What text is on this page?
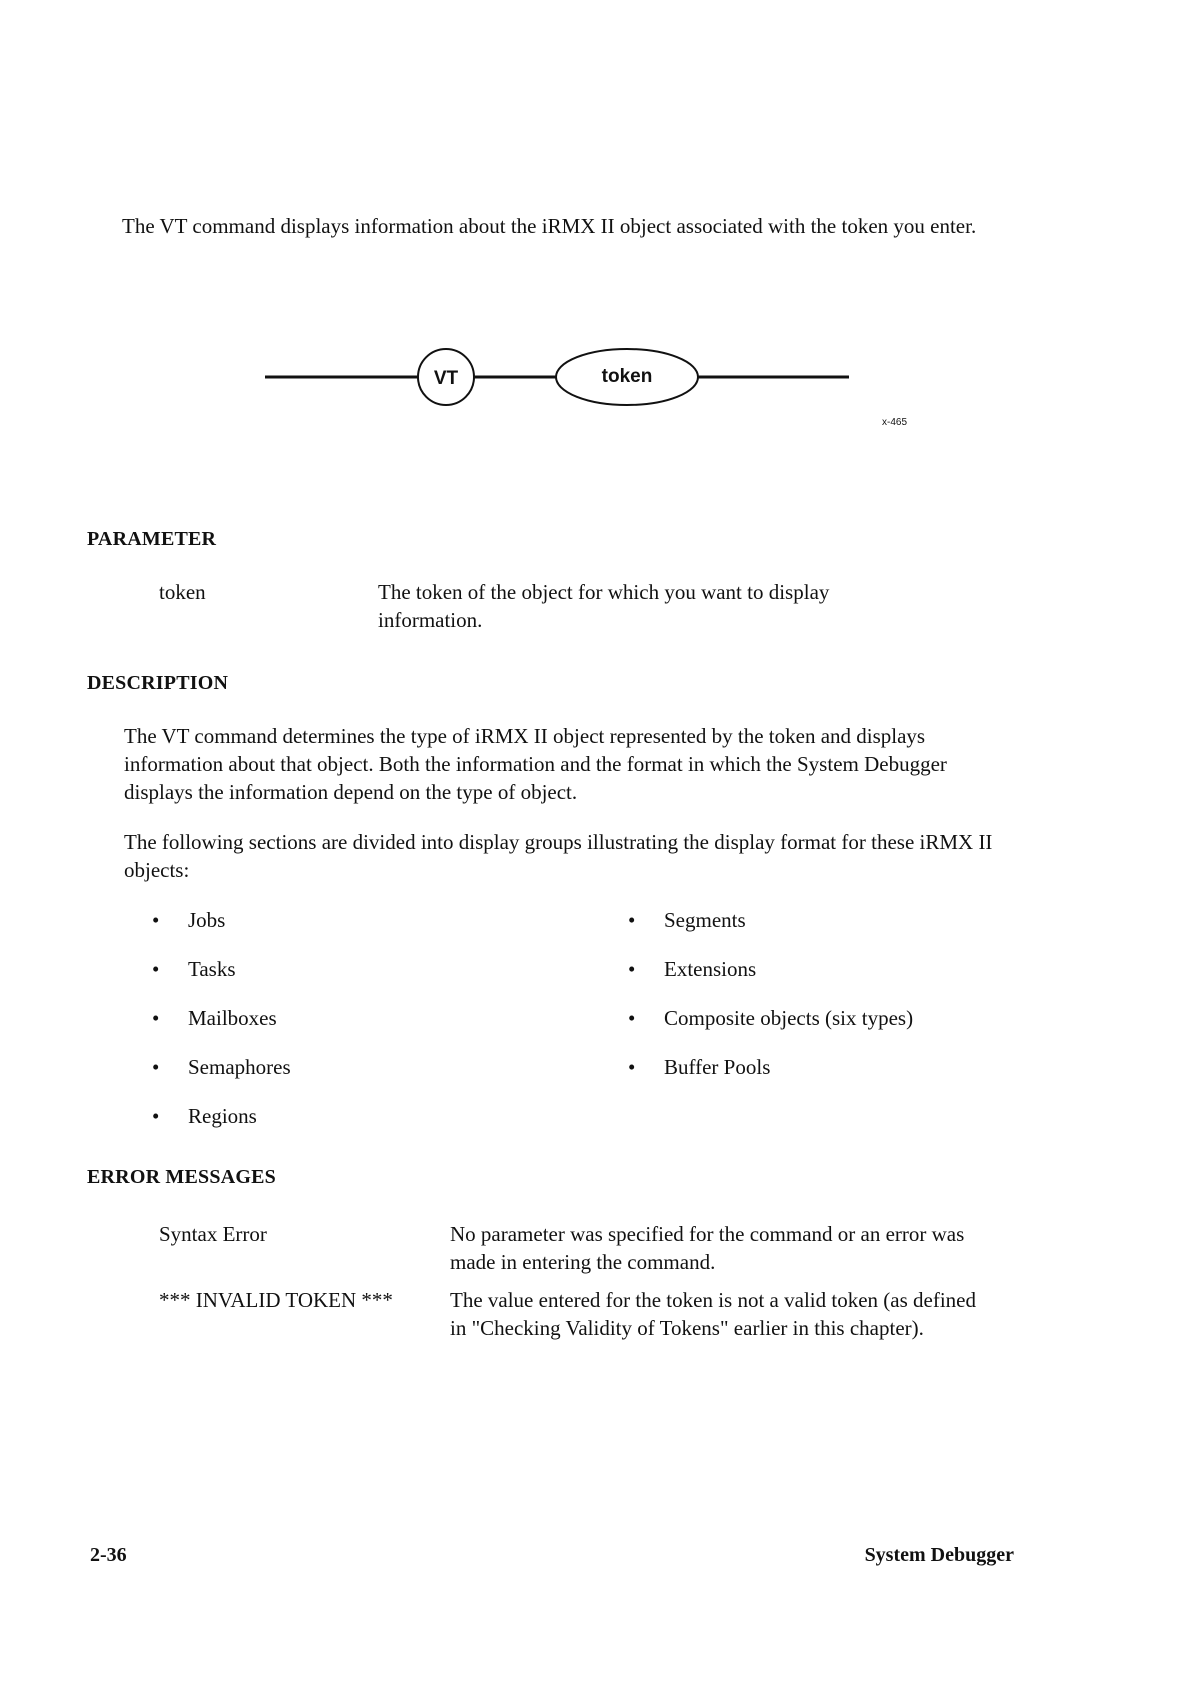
The VT command displays information about the iRMX II object associated with the token you enter.
VT	token
x-465
PARAMETER
token	The token of the object for which you want to display information.
DESCRIPTION
The VT command determines the type of iRMX II object represented by the token and displays information about that object. Both the information and the format in which the System Debugger displays the information depend on the type of object.
The following sections are divided into display groups illustrating the display format for these iRMX II objects:
•	Jobs
•	Tasks
•	Mailboxes
•	Semaphores
•	Regions
•	Segments
•	Extensions
•	Composite objects (six types)
•	Buffer Pools
ERROR MESSAGES
Syntax Error	No parameter was specified for the command or an error was made in entering the command.
*** INVALID TOKEN ***	The value entered for the token is not a valid token (as defined in "Checking Validity of Tokens" earlier in this chapter).
2-36	System Debugger
